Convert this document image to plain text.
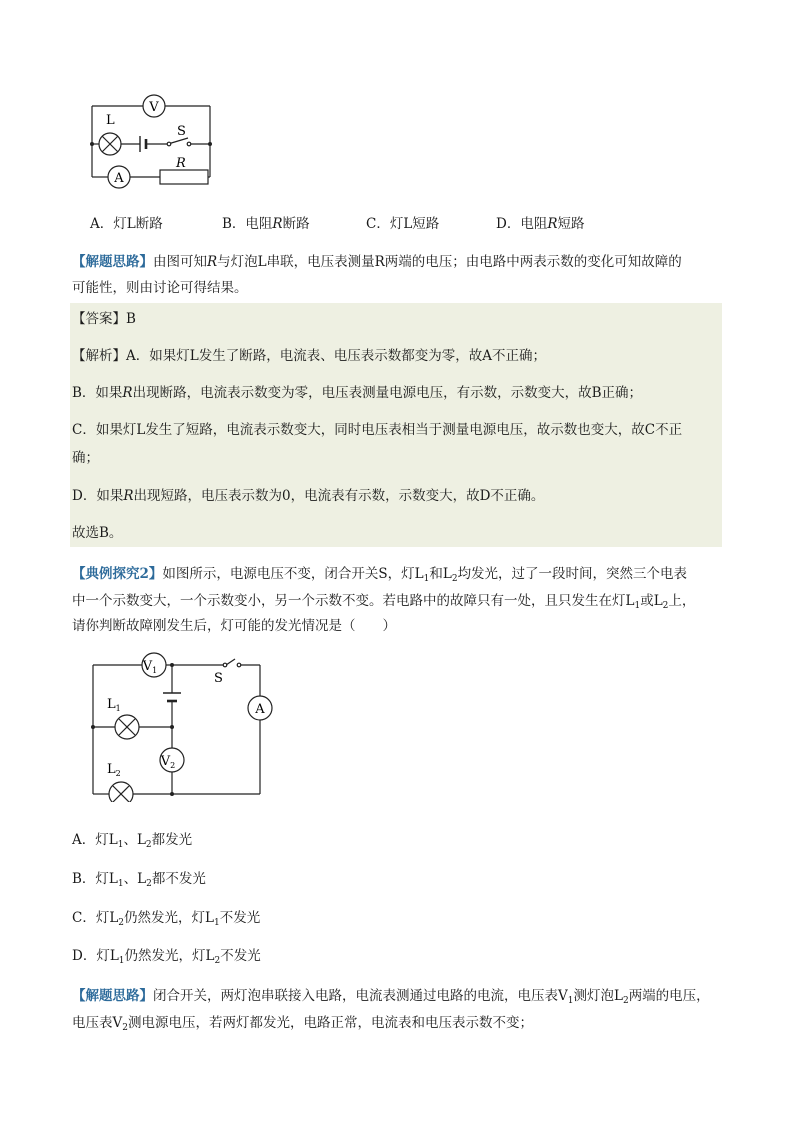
V
A
L
S
R
A．灯L断路	B．电阻R断路	C．灯L短路	D．电阻R短路
【解题思路】由图可知R与灯泡L串联，电压表测量R两端的电压；由电路中两表示数的变化可知故障的
可能性，则由讨论可得结果。
【答案】B
【解析】A．如果灯L发生了断路，电流表、电压表示数都变为零，故A不正确；
B．如果R出现断路，电流表示数变为零，电压表测量电源电压，有示数，示数变大，故B正确；
C．如果灯L发生了短路，电流表示数变大，同时电压表相当于测量电源电压，故示数也变大，故C不正
确；
D．如果R出现短路，电压表示数为0，电流表有示数，示数变大，故D不正确。
故选B。
【典例探究2】如图所示，电源电压不变，闭合开关S，灯$L_1$和$L_2$均发光，过了一段时间，突然三个电表
中一个示数变大，一个示数变小，另一个示数不变。若电路中的故障只有一处，且只发生在灯$L_1$或$L_2$上，
请你判断故障刚发生后，灯可能的发光情况是（　　）
$V_1$
$V_2$
A
S
$L_1$
$L_2$
A．灯$L_1$、$L_2$都发光
B．灯$L_1$、$L_2$都不发光
C．灯$L_2$仍然发光，灯$L_1$不发光
D．灯$L_1$仍然发光，灯$L_2$不发光
【解题思路】闭合开关，两灯泡串联接入电路，电流表测通过电路的电流，电压表$V_1$测灯泡$L_2$两端的电压，
电压表$V_2$测电源电压，若两灯都发光，电路正常，电流表和电压表示数不变；
